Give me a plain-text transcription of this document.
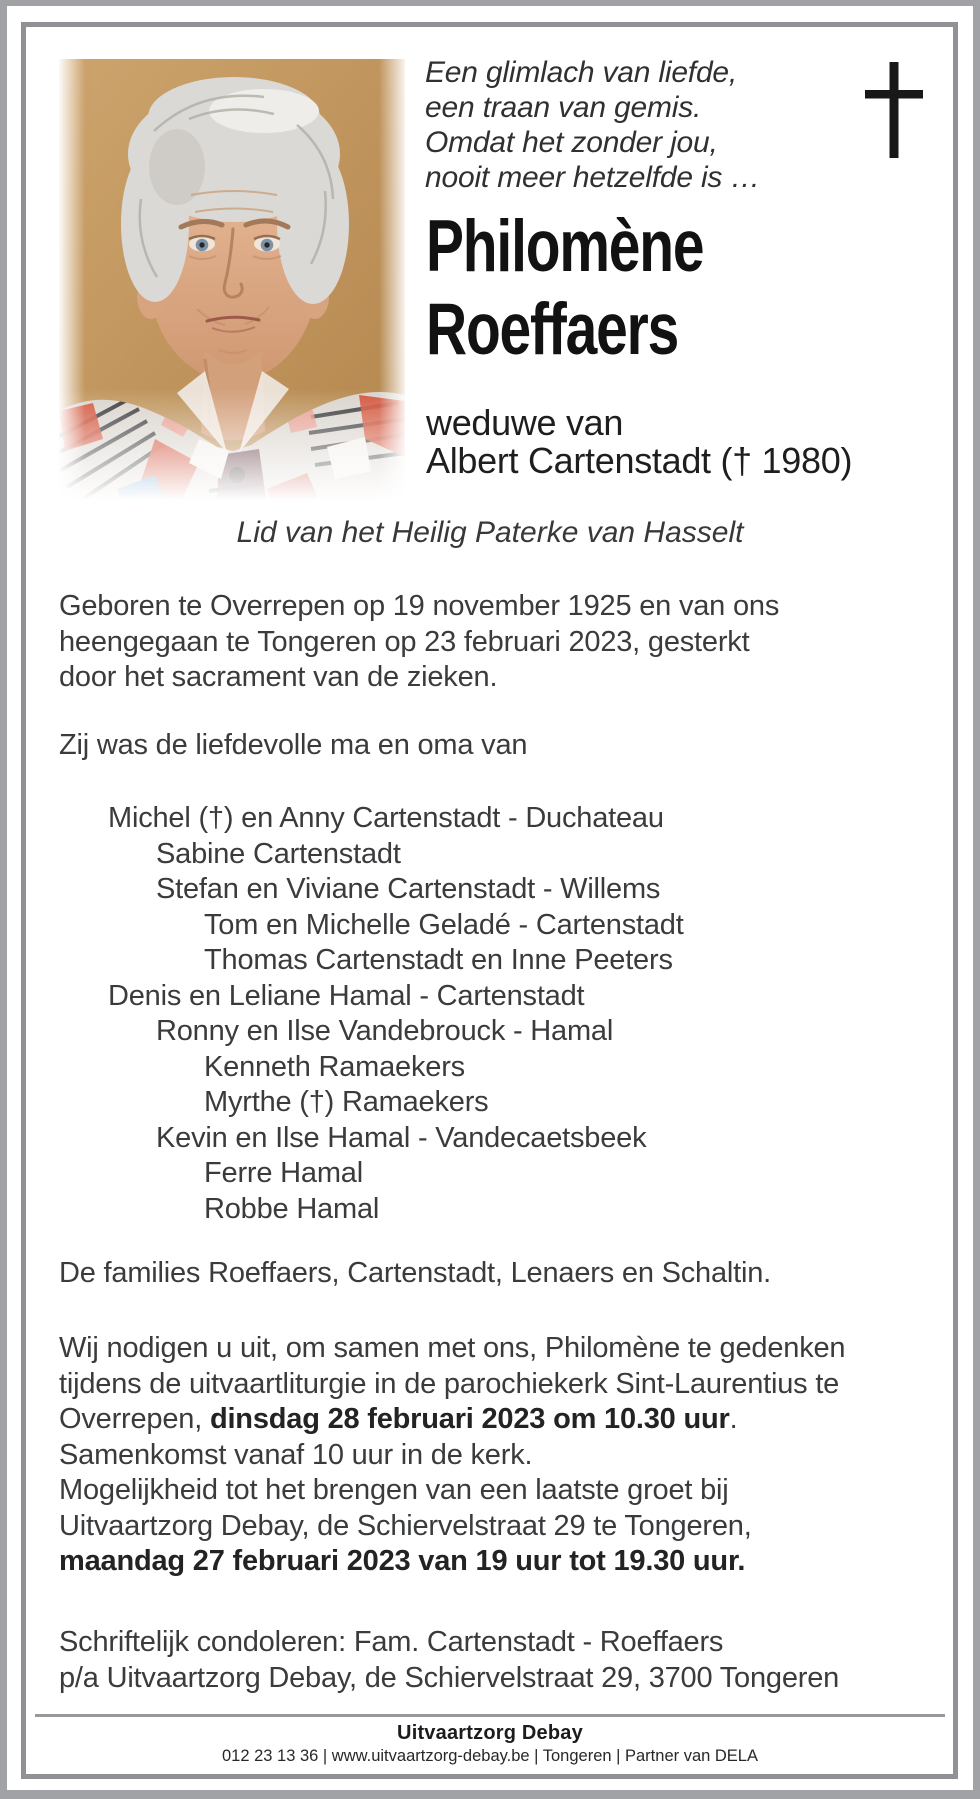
Een glimlach van liefde,
een traan van gemis.
Omdat het zonder jou,
nooit meer hetzelfde is …
Philomène
Roeffaers
weduwe van
Albert Cartenstadt († 1980)
Lid van het Heilig Paterke van Hasselt
Geboren te Overrepen op 19 november 1925 en van ons
heengegaan te Tongeren op 23 februari 2023, gesterkt
door het sacrament van de zieken.
Zij was de liefdevolle ma en oma van
Michel (†) en Anny Cartenstadt - Duchateau
Sabine Cartenstadt
Stefan en Viviane Cartenstadt - Willems
Tom en Michelle Geladé - Cartenstadt
Thomas Cartenstadt en Inne Peeters
Denis en Leliane Hamal - Cartenstadt
Ronny en Ilse Vandebrouck - Hamal
Kenneth Ramaekers
Myrthe (†) Ramaekers
Kevin en Ilse Hamal - Vandecaetsbeek
Ferre Hamal
Robbe Hamal
De families Roeffaers, Cartenstadt, Lenaers en Schaltin.
Wij nodigen u uit, om samen met ons, Philomène te gedenken
tijdens de uitvaartliturgie in de parochiekerk Sint-Laurentius te
Overrepen, dinsdag 28 februari 2023 om 10.30 uur.
Samenkomst vanaf 10 uur in de kerk.
Mogelijkheid tot het brengen van een laatste groet bij
Uitvaartzorg Debay, de Schiervelstraat 29 te Tongeren,
maandag 27 februari 2023 van 19 uur tot 19.30 uur.
Schriftelijk condoleren: Fam. Cartenstadt - Roeffaers
p/a Uitvaartzorg Debay, de Schiervelstraat 29, 3700 Tongeren
Uitvaartzorg Debay
012 23 13 36 | www.uitvaartzorg-debay.be | Tongeren | Partner van DELA
